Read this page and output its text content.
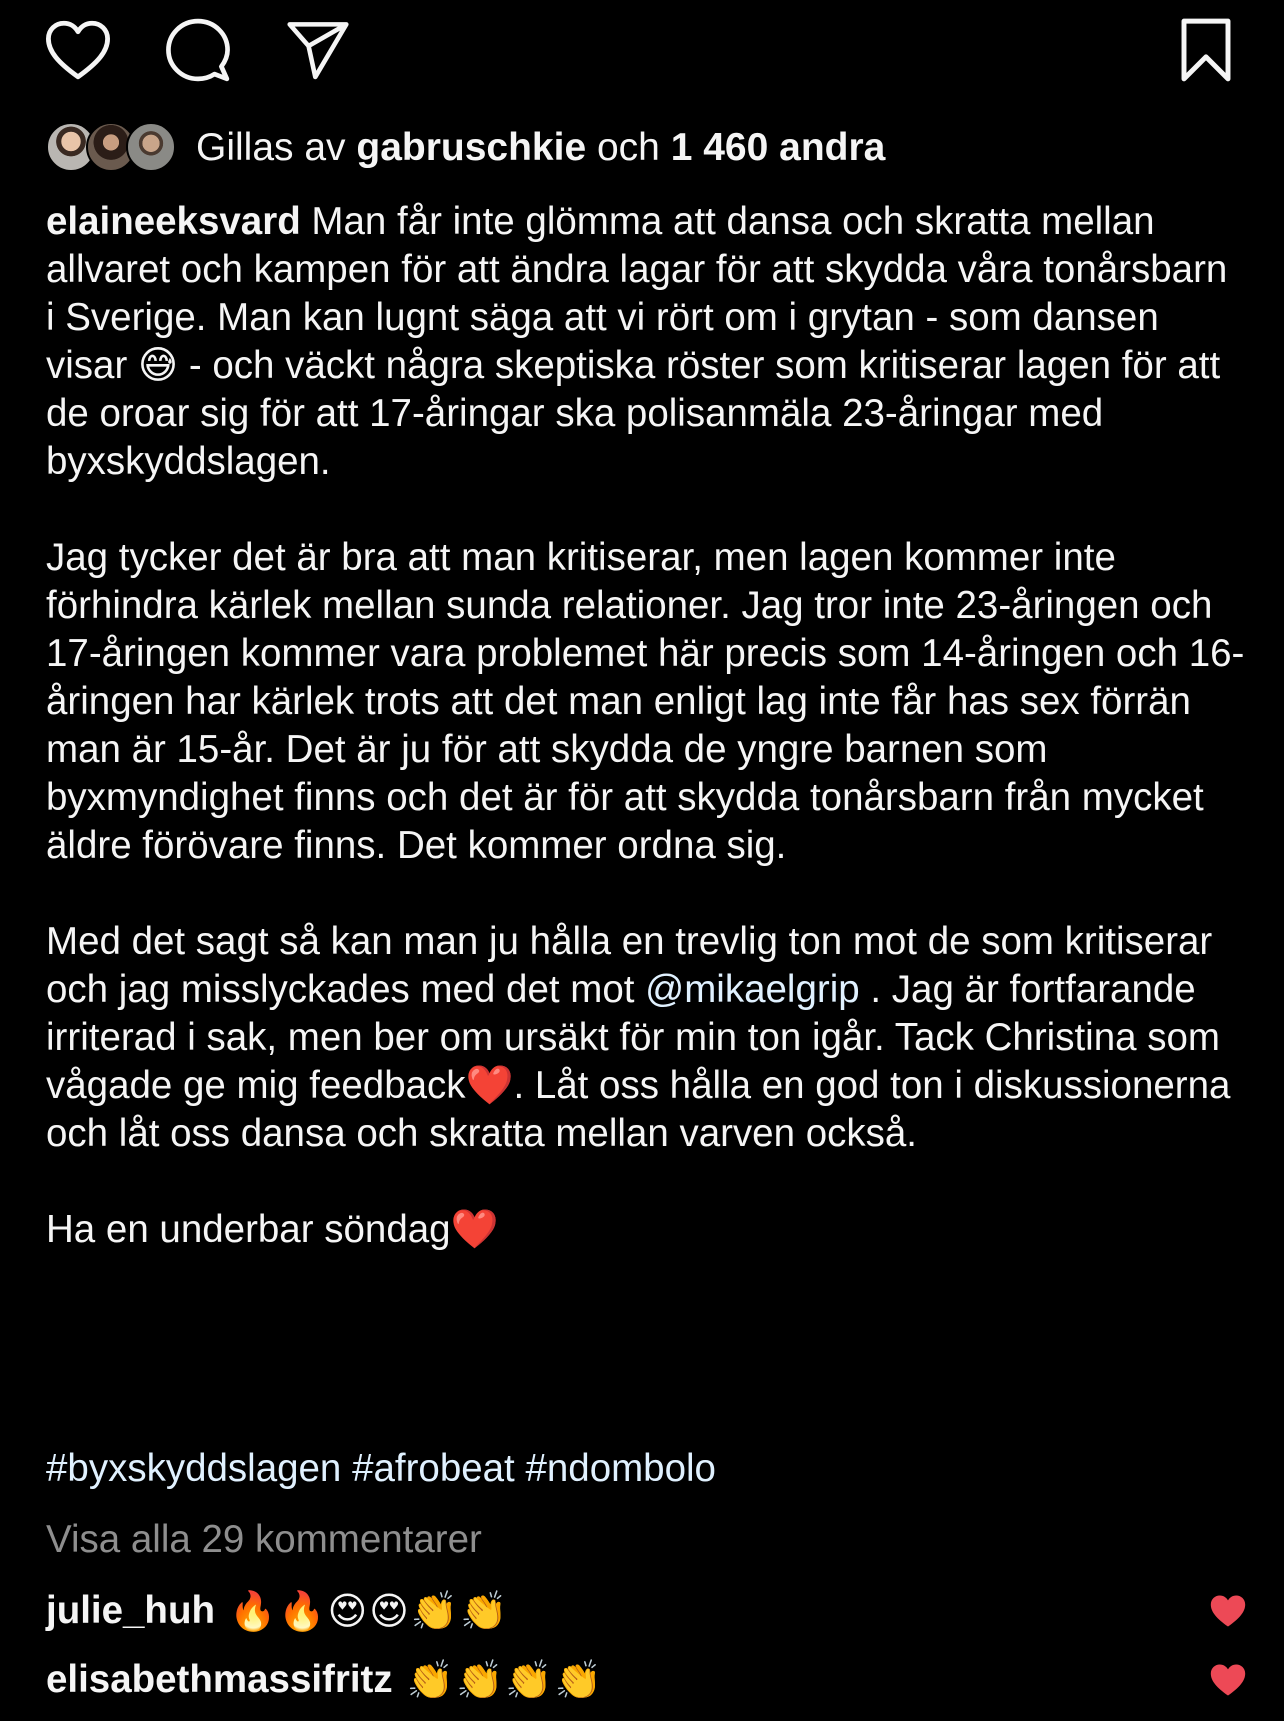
Gillas av gabruschkie och 1 460 andra

elaineeksvard Man får inte glömma att dansa och skratta mellan allvaret och kampen för att ändra lagar för att skydda våra tonårsbarn i Sverige. Man kan lugnt säga att vi rört om i grytan - som dansen visar 😅 - och väckt några skeptiska röster som kritiserar lagen för att de oroar sig för att 17-åringar ska polisanmäla 23-åringar med byxskyddslagen.

Jag tycker det är bra att man kritiserar, men lagen kommer inte förhindra kärlek mellan sunda relationer. Jag tror inte 23-åringen och 17-åringen kommer vara problemet här precis som 14-åringen och 16-åringen har kärlek trots att det man enligt lag inte får has sex förrän man är 15-år. Det är ju för att skydda de yngre barnen som byxmyndighet finns och det är för att skydda tonårsbarn från mycket äldre förövare finns. Det kommer ordna sig.

Med det sagt så kan man ju hålla en trevlig ton mot de som kritiserar och jag misslyckades med det mot @mikaelgrip . Jag är fortfarande irriterad i sak, men ber om ursäkt för min ton igår. Tack Christina som vågade ge mig feedback❤️. Låt oss hålla en god ton i diskussionerna och låt oss dansa och skratta mellan varven också.

Ha en underbar söndag❤️

#byxskyddslagen #afrobeat #ndombolo
Visa alla 29 kommentarer
julie_huh 🔥🔥😍😍👏👏
elisabethmassifritz 👏👏👏👏
